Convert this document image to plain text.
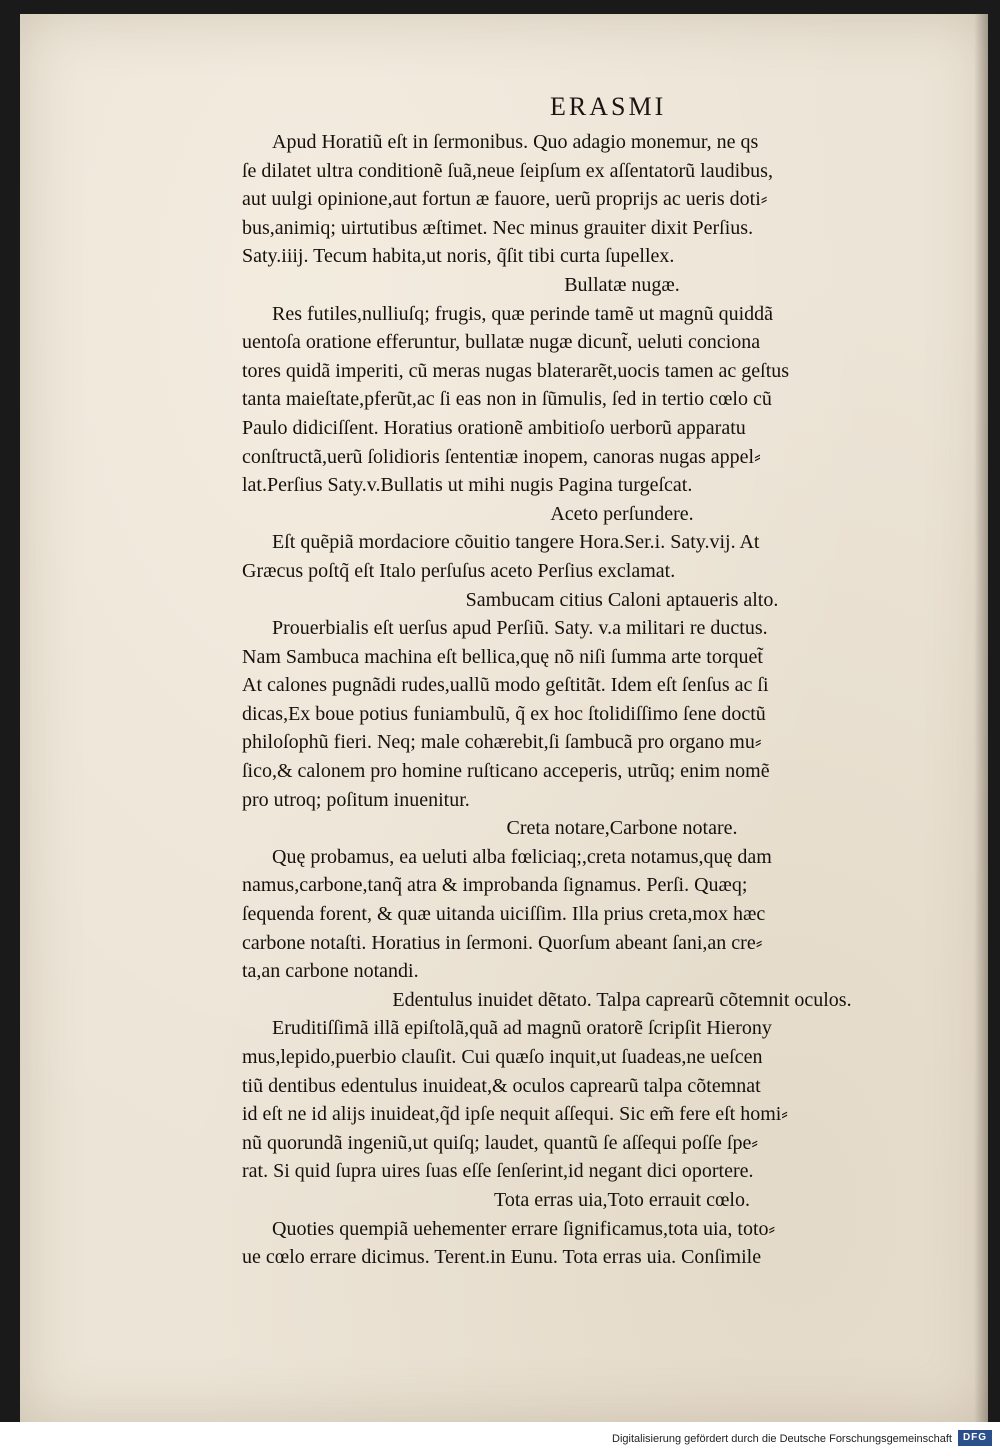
ERASMI
Apud Horatiũ eſt in ſermonibus. Quo adagio monemur, ne qs
ſe dilatet ultra conditionẽ ſuã,neue ſeipſum ex aſſentatorũ laudibus,
aut uulgi opinione,aut fortun æ fauore, uerũ proprijs ac ueris doti⸗
bus,animiq; uirtutibus æſtimet. Nec minus grauiter dixit Perſius.
Saty.iiij. Tecum habita,ut noris, q̃ſit tibi curta ſupellex.
Bullatæ nugæ.
Res futiles,nulliuſq; frugis, quæ perinde tamẽ ut magnũ quiddã
uentoſa oratione efferuntur, bullatæ nugæ dicunt̃, ueluti conciona
tores quidã imperiti, cũ meras nugas blaterarẽt,uocis tamen ac geſtus
tanta maieſtate,pferũt,ac ſi eas non in ſũmulis, ſed in tertio cœlo cũ
Paulo didiciſſent. Horatius orationẽ ambitioſo uerborũ apparatu
conſtructã,uerũ ſolidioris ſententiæ inopem, canoras nugas appel⸗
lat.Perſius Saty.v.Bullatis ut mihi nugis Pagina turgeſcat.
Aceto perſundere.
Eſt quẽpiã mordaciore cõuitio tangere Hora.Ser.i. Saty.vij. At
Græcus poſtq̃ eſt Italo perſuſus aceto Perſius exclamat.
Sambucam citius Caloni aptaueris alto.
Prouerbialis eſt uerſus apud Perſiũ. Saty. v.a militari re ductus.
Nam Sambuca machina eſt bellica,quę nõ niſi ſumma arte torquet̃
At calones pugnãdi rudes,uallũ modo geſtitãt. Idem eſt ſenſus ac ſi
dicas,Ex boue potius funiambulũ, q̃ ex hoc ſtolidiſſimo ſene doctũ
philoſophũ fieri. Neq; male cohærebit,ſi ſambucã pro organo mu⸗
ſico,& calonem pro homine ruſticano acceperis, utrũq; enim nomẽ
pro utroq; poſitum inuenitur.
Creta notare,Carbone notare.
Quę probamus, ea ueluti alba fœliciaq;,creta notamus,quę dam
namus,carbone,tanq̃ atra & improbanda ſignamus. Perſi. Quæq;
ſequenda forent, & quæ uitanda uiciſſim. Illa prius creta,mox hæc
carbone notaſti. Horatius in ſermoni. Quorſum abeant ſani,an cre⸗
ta,an carbone notandi.
Edentulus inuidet dẽtato. Talpa caprearũ cõtemnit oculos.
Eruditiſſimã illã epiſtolã,quã ad magnũ oratorẽ ſcripſit Hierony
mus,lepido,puerbio clauſit. Cui quæſo inquit,ut ſuadeas,ne ueſcen
tiũ dentibus edentulus inuideat,& oculos caprearũ talpa cõtemnat
id eſt ne id alijs inuideat,q̃d ipſe nequit aſſequi. Sic em̃ fere eſt homi⸗
nũ quorundã ingeniũ,ut quiſq; laudet, quantũ ſe aſſequi poſſe ſpe⸗
rat. Si quid ſupra uires ſuas eſſe ſenſerint,id negant dici oportere.
Tota erras uia,Toto errauit cœlo.
Quoties quempiã uehementer errare ſignificamus,tota uia, toto⸗
ue cœlo errare dicimus. Terent.in Eunu. Tota erras uia. Conſimile
Digitalisierung gefördert durch die Deutsche Forschungsgemeinschaft	DFG
